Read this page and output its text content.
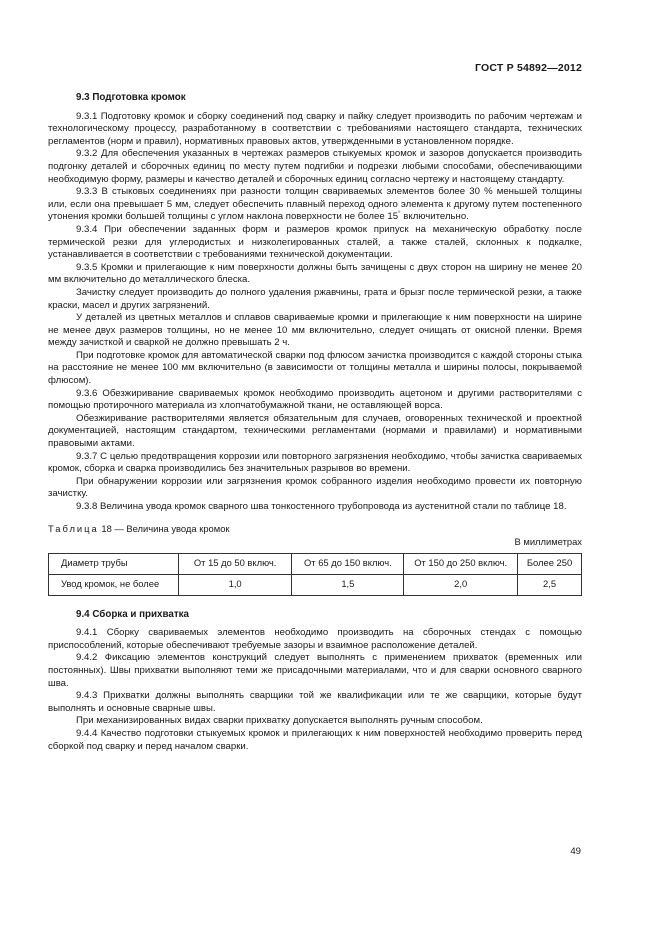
ГОСТ Р 54892—2012
9.3 Подготовка кромок

9.3.1 Подготовку кромок и сборку соединений под сварку и пайку следует производить по рабочим чертежам и технологическому процессу, разработанному в соответствии с требованиями настоящего стандарта, технических регламентов (норм и правил), нормативных правовых актов, утвержденными в установленном порядке.

9.3.2 Для обеспечения указанных в чертежах размеров стыкуемых кромок и зазоров допускается производить подгонку деталей и сборочных единиц по месту путем подгибки и подрезки любыми способами, обеспечивающими необходимую форму, размеры и качество деталей и сборочных единиц согласно чертежу и настоящему стандарту.

9.3.3 В стыковых соединениях при разности толщин свариваемых элементов более 30 % меньшей толщины или, если она превышает 5 мм, следует обеспечить плавный переход одного элемента к другому путем постепенного утонения кромки большей толщины с углом наклона поверхности не более 15° включительно.

9.3.4 При обеспечении заданных форм и размеров кромок припуск на механическую обработку после термической резки для углеродистых и низколегированных сталей, а также сталей, склонных к подкалке, устанавливается в соответствии с требованиями технической документации.

9.3.5 Кромки и прилегающие к ним поверхности должны быть зачищены с двух сторон на ширину не менее 20 мм включительно до металлического блеска.

Зачистку следует производить до полного удаления ржавчины, грата и брызг после термической резки, а также краски, масел и других загрязнений.

У деталей из цветных металлов и сплавов свариваемые кромки и прилегающие к ним поверхности на ширине не менее двух размеров толщины, но не менее 10 мм включительно, следует очищать от окисной пленки. Время между зачисткой и сваркой не должно превышать 2 ч.

При подготовке кромок для автоматической сварки под флюсом зачистка производится с каждой стороны стыка на расстояние не менее 100 мм включительно (в зависимости от толщины металла и ширины полосы, покрываемой флюсом).

9.3.6 Обезжиривание свариваемых кромок необходимо производить ацетоном и другими растворителями с помощью протирочного материала из хлопчатобумажной ткани, не оставляющей ворса.

Обезжиривание растворителями является обязательным для случаев, оговоренных технической и проектной документацией, настоящим стандартом, техническими регламентами (нормами и правилами) и нормативными правовыми актами.

9.3.7 С целью предотвращения коррозии или повторного загрязнения необходимо, чтобы зачистка свариваемых кромок, сборка и сварка производились без значительных разрывов во времени.

При обнаружении коррозии или загрязнения кромок собранного изделия необходимо провести их повторную зачистку.

9.3.8 Величина увода кромок сварного шва тонкостенного трубопровода из аустенитной стали по таблице 18.

Таблица 18 — Величина увода кромок
В миллиметрах
Диаметр трубы	От 15 до 50 включ.	От 65 до 150 включ.	От 150 до 250 включ.	Более 250
Увод кромок, не более	1,0	1,5	2,0	2,5
9.4 Сборка и прихватка

9.4.1 Сборку свариваемых элементов необходимо производить на сборочных стендах с помощью приспособлений, которые обеспечивают требуемые зазоры и взаимное расположение деталей.

9.4.2 Фиксацию элементов конструкций следует выполнять с применением прихваток (временных или постоянных). Швы прихватки выполняют теми же присадочными материалами, что и для сварки основного сварного шва.

9.4.3 Прихватки должны выполнять сварщики той же квалификации или те же сварщики, которые будут выполнять и основные сварные швы.

При механизированных видах сварки прихватку допускается выполнять ручным способом.

9.4.4 Качество подготовки стыкуемых кромок и прилегающих к ним поверхностей необходимо проверить перед сборкой под сварку и перед началом сварки.

49
